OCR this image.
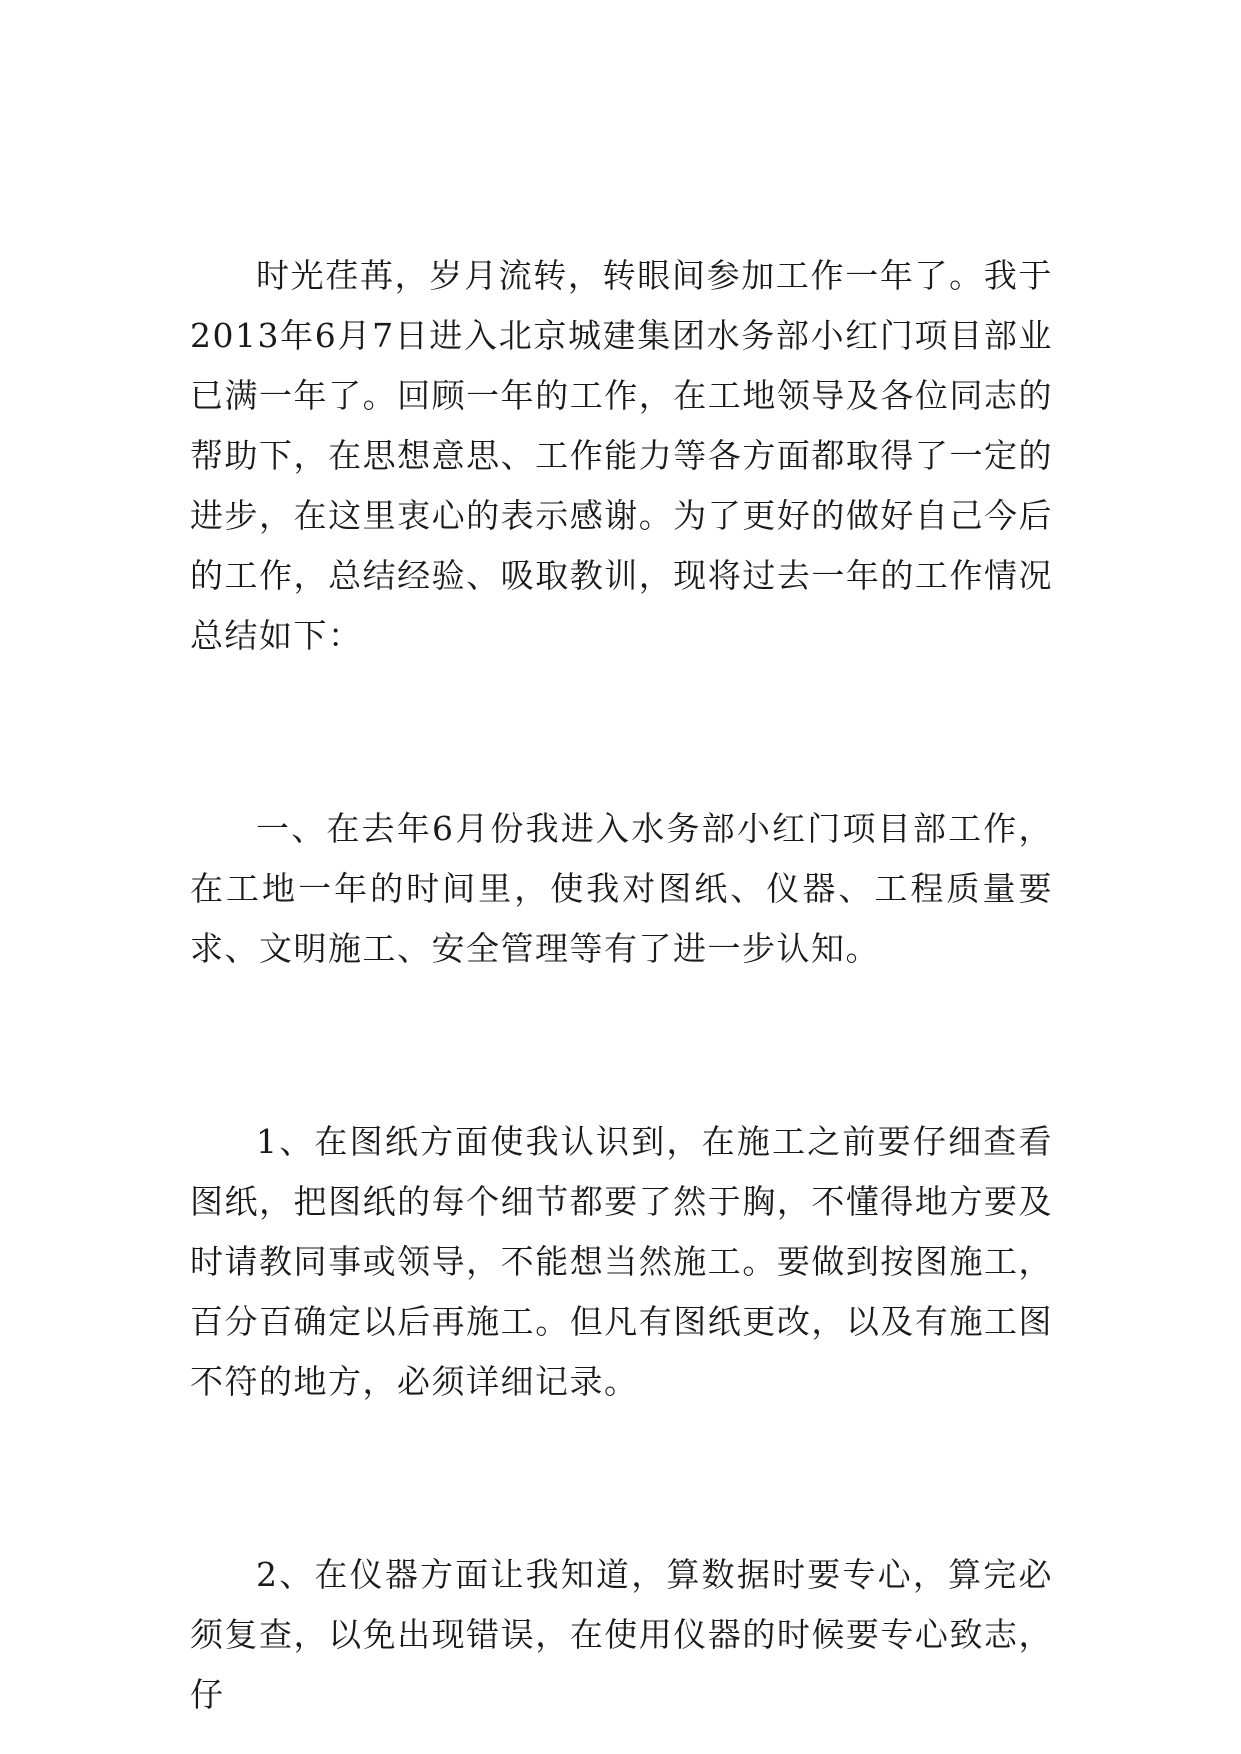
时光荏苒，岁月流转，转眼间参加工作一年了。我于2013年6月7日进入北京城建集团水务部小红门项目部业已满一年了。回顾一年的工作，在工地领导及各位同志的帮助下，在思想意思、工作能力等各方面都取得了一定的进步，在这里衷心的表示感谢。为了更好的做好自己今后的工作，总结经验、吸取教训，现将过去一年的工作情况总结如下：

一、在去年6月份我进入水务部小红门项目部工作，在工地一年的时间里，使我对图纸、仪器、工程质量要求、文明施工、安全管理等有了进一步认知。

1、在图纸方面使我认识到，在施工之前要仔细查看图纸，把图纸的每个细节都要了然于胸，不懂得地方要及时请教同事或领导，不能想当然施工。要做到按图施工，百分百确定以后再施工。但凡有图纸更改，以及有施工图不符的地方，必须详细记录。

2、在仪器方面让我知道，算数据时要专心，算完必须复查，以免出现错误，在使用仪器的时候要专心致志，仔
